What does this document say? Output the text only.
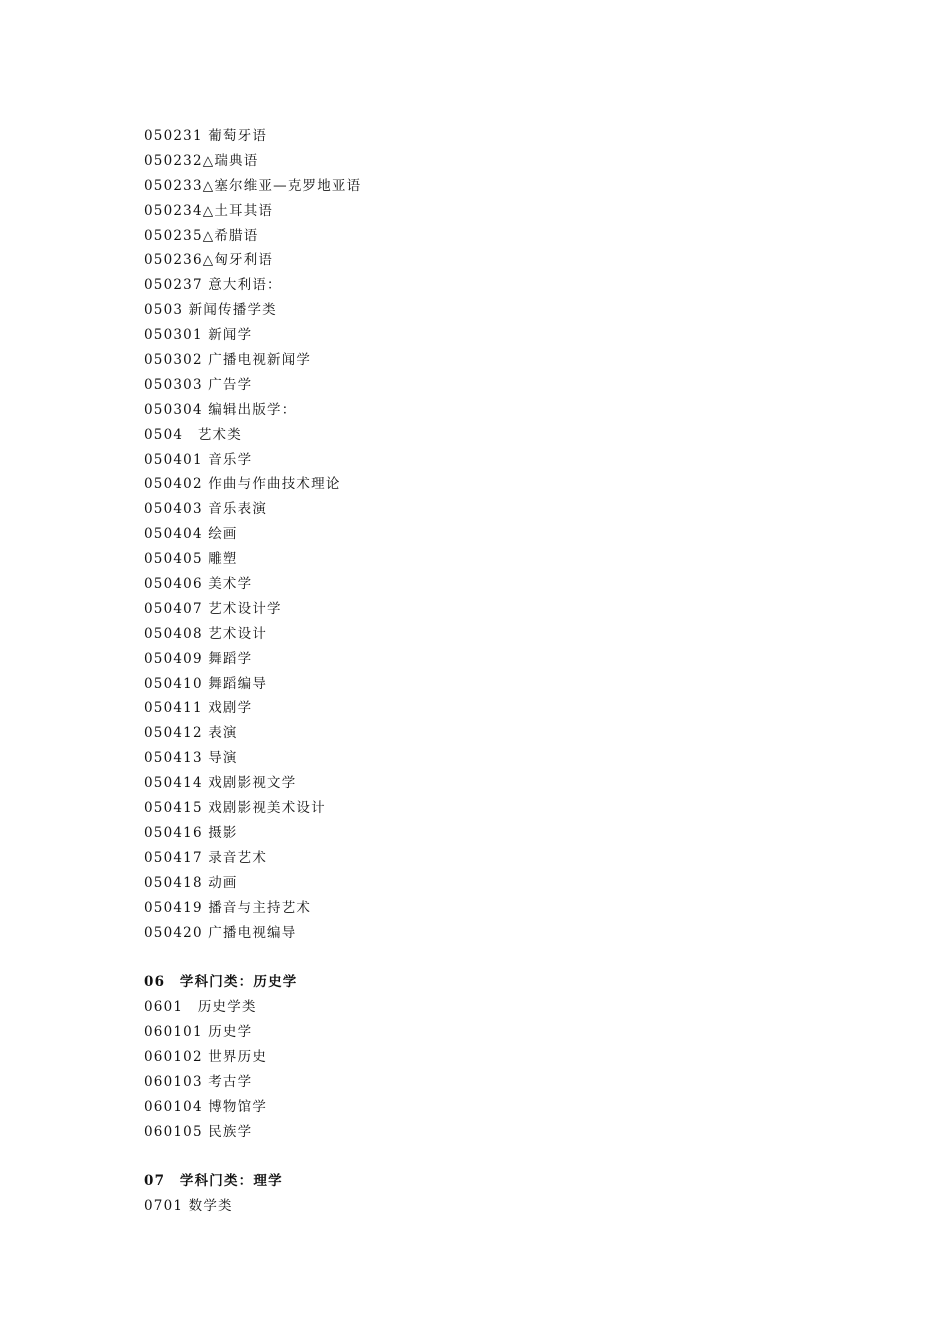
050231 葡萄牙语
050232△瑞典语
050233△塞尔维亚—克罗地亚语
050234△土耳其语
050235△希腊语
050236△匈牙利语
050237 意大利语：
0503 新闻传播学类
050301 新闻学
050302 广播电视新闻学
050303 广告学
050304 编辑出版学：
0504　艺术类
050401 音乐学
050402 作曲与作曲技术理论
050403 音乐表演
050404 绘画
050405 雕塑
050406 美术学
050407 艺术设计学
050408 艺术设计
050409 舞蹈学
050410 舞蹈编导
050411 戏剧学
050412 表演
050413 导演
050414 戏剧影视文学
050415 戏剧影视美术设计
050416 摄影
050417 录音艺术
050418 动画
050419 播音与主持艺术
050420 广播电视编导
06　学科门类：历史学
0601　历史学类
060101 历史学
060102 世界历史
060103 考古学
060104 博物馆学
060105 民族学
07　学科门类：理学
0701 数学类
